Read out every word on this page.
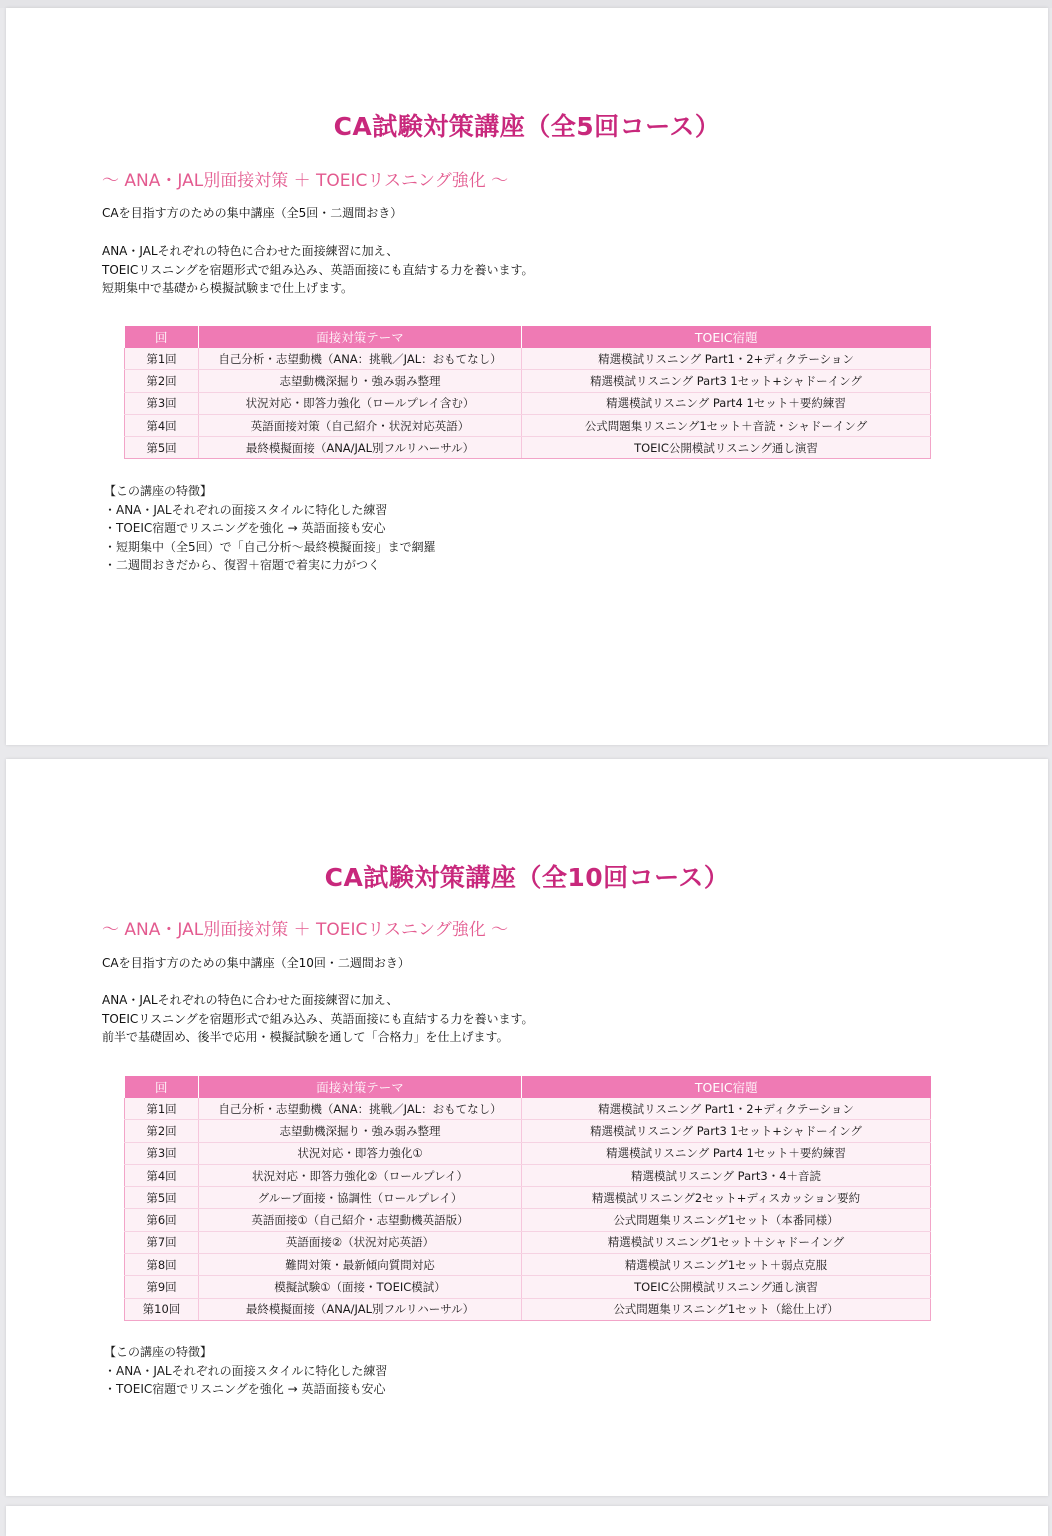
CA試験対策講座（全5回コース）

～ ANA・JAL別面接対策 ＋ TOEICリスニング強化 ～

CAを目指す方のための集中講座（全5回・二週間おき）

ANA・JALそれぞれの特色に合わせた面接練習に加え、
TOEICリスニングを宿題形式で組み込み、英語面接にも直結する力を養います。
短期集中で基礎から模擬試験まで仕上げます。
回	面接対策テーマ	TOEIC宿題
第1回	自己分析・志望動機（ANA：挑戦／JAL：おもてなし）	精選模試リスニング Part1・2+ディクテーション
第2回	志望動機深掘り・強み弱み整理	精選模試リスニング Part3 1セット+シャドーイング
第3回	状況対応・即答力強化（ロールプレイ含む）	精選模試リスニング Part4 1セット＋要約練習
第4回	英語面接対策（自己紹介・状況対応英語）	公式問題集リスニング1セット＋音読・シャドーイング
第5回	最終模擬面接（ANA/JAL別フルリハーサル）	TOEIC公開模試リスニング通し演習
【この講座の特徴】
・ANA・JALそれぞれの面接スタイルに特化した練習
・TOEIC宿題でリスニングを強化 → 英語面接も安心
・短期集中（全5回）で「自己分析～最終模擬面接」まで網羅
・二週間おきだから、復習＋宿題で着実に力がつく
CA試験対策講座（全10回コース）

～ ANA・JAL別面接対策 ＋ TOEICリスニング強化 ～

CAを目指す方のための集中講座（全10回・二週間おき）

ANA・JALそれぞれの特色に合わせた面接練習に加え、
TOEICリスニングを宿題形式で組み込み、英語面接にも直結する力を養います。
前半で基礎固め、後半で応用・模擬試験を通して「合格力」を仕上げます。
回	面接対策テーマ	TOEIC宿題
第1回	自己分析・志望動機（ANA：挑戦／JAL：おもてなし）	精選模試リスニング Part1・2+ディクテーション
第2回	志望動機深掘り・強み弱み整理	精選模試リスニング Part3 1セット+シャドーイング
第3回	状況対応・即答力強化①	精選模試リスニング Part4 1セット＋要約練習
第4回	状況対応・即答力強化②（ロールプレイ）	精選模試リスニング Part3・4＋音読
第5回	グループ面接・協調性（ロールプレイ）	精選模試リスニング2セット+ディスカッション要約
第6回	英語面接①（自己紹介・志望動機英語版）	公式問題集リスニング1セット（本番同様）
第7回	英語面接②（状況対応英語）	精選模試リスニング1セット＋シャドーイング
第8回	難問対策・最新傾向質問対応	精選模試リスニング1セット＋弱点克服
第9回	模擬試験①（面接・TOEIC模試）	TOEIC公開模試リスニング通し演習
第10回	最終模擬面接（ANA/JAL別フルリハーサル）	公式問題集リスニング1セット（総仕上げ）
【この講座の特徴】
・ANA・JALそれぞれの面接スタイルに特化した練習
・TOEIC宿題でリスニングを強化 → 英語面接も安心
